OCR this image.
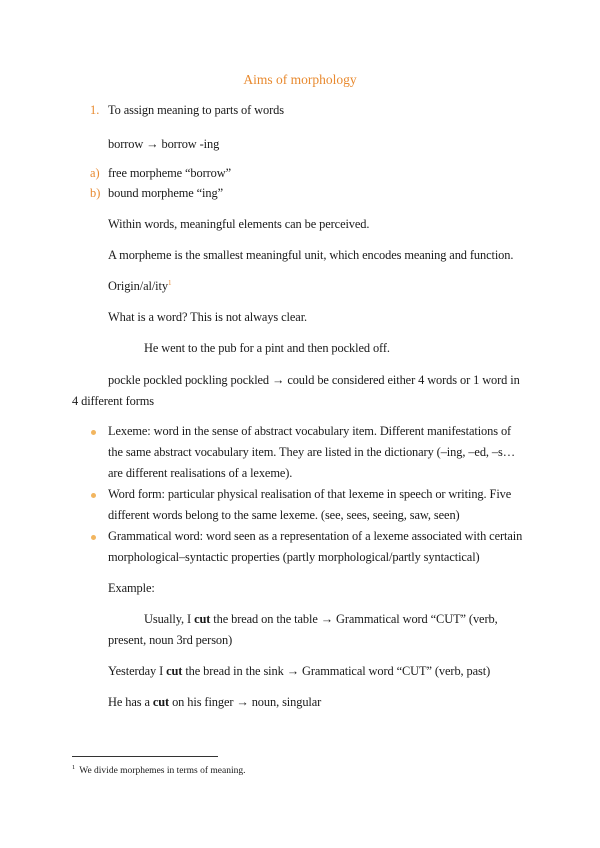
Aims of morphology
1. To assign meaning to parts of words
borrow → borrow -ing
a) free morpheme “borrow”
b) bound morpheme “ing”
Within words, meaningful elements can be perceived.
A morpheme is the smallest meaningful unit, which encodes meaning and function.
Origin/al/ity$^1$
What is a word? This is not always clear.
He went to the pub for a pint and then pockled off.
pockle pockled pockling pockled → could be considered either 4 words or 1 word in
4 different forms
Lexeme: word in the sense of abstract vocabulary item. Different manifestations of
the same abstract vocabulary item. They are listed in the dictionary (–ing, –ed, –s…
are different realisations of a lexeme).
Word form: particular physical realisation of that lexeme in speech or writing. Five
different words belong to the same lexeme. (see, sees, seeing, saw, seen)
Grammatical word: word seen as a representation of a lexeme associated with certain
morphological–syntactic properties (partly morphological/partly syntactical)
Example:
Usually, I cut the bread on the table → Grammatical word “CUT” (verb,
present, noun 3rd person)
Yesterday I cut the bread in the sink → Grammatical word “CUT” (verb, past)
He has a cut on his finger → noun, singular
$^1$ We divide morphemes in terms of meaning.
